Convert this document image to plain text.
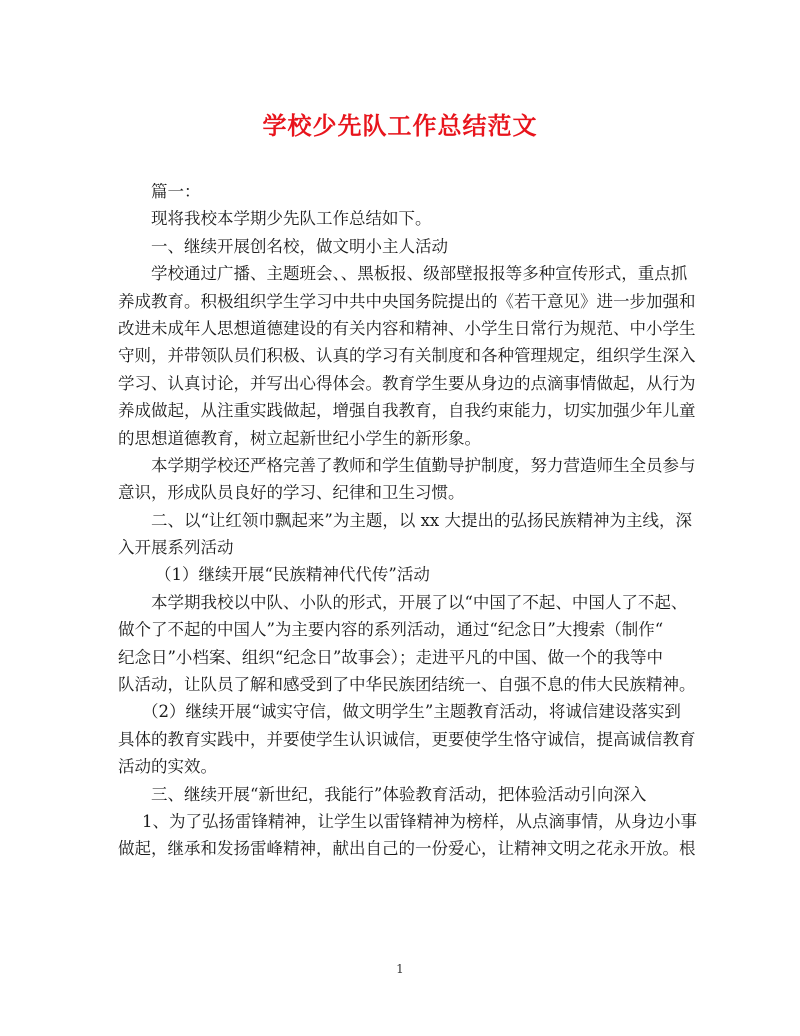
学校少先队工作总结范文
篇一：
现将我校本学期少先队工作总结如下。
一、继续开展创名校，做文明小主人活动
学校通过广播、主题班会、、黑板报、级部壁报报等多种宣传形式，重点抓
养成教育。积极组织学生学习中共中央国务院提出的《若干意见》进一步加强和
改进未成年人思想道德建设的有关内容和精神、小学生日常行为规范、中小学生
守则，并带领队员们积极、认真的学习有关制度和各种管理规定，组织学生深入
学习、认真讨论，并写出心得体会。教育学生要从身边的点滴事情做起，从行为
养成做起，从注重实践做起，增强自我教育，自我约束能力，切实加强少年儿童
的思想道德教育，树立起新世纪小学生的新形象。
本学期学校还严格完善了教师和学生值勤导护制度，努力营造师生全员参与
意识，形成队员良好的学习、纪律和卫生习惯。
二、以“让红领巾飘起来”为主题，以 xx 大提出的弘扬民族精神为主线，深
入开展系列活动
（1）继续开展“民族精神代代传”活动
本学期我校以中队、小队的形式，开展了以“中国了不起、中国人了不起、
做个了不起的中国人”为主要内容的系列活动，通过“纪念日”大搜索（制作“
纪念日”小档案、组织“纪念日”故事会）；走进平凡的中国、做一个的我等中
队活动，让队员了解和感受到了中华民族团结统一、自强不息的伟大民族精神。
（2）继续开展“诚实守信，做文明学生”主题教育活动，将诚信建设落实到
具体的教育实践中，并要使学生认识诚信，更要使学生恪守诚信，提高诚信教育
活动的实效。
三、继续开展“新世纪，我能行”体验教育活动，把体验活动引向深入
1、为了弘扬雷锋精神，让学生以雷锋精神为榜样，从点滴事情，从身边小事
做起，继承和发扬雷峰精神，献出自己的一份爱心，让精神文明之花永开放。根
1
